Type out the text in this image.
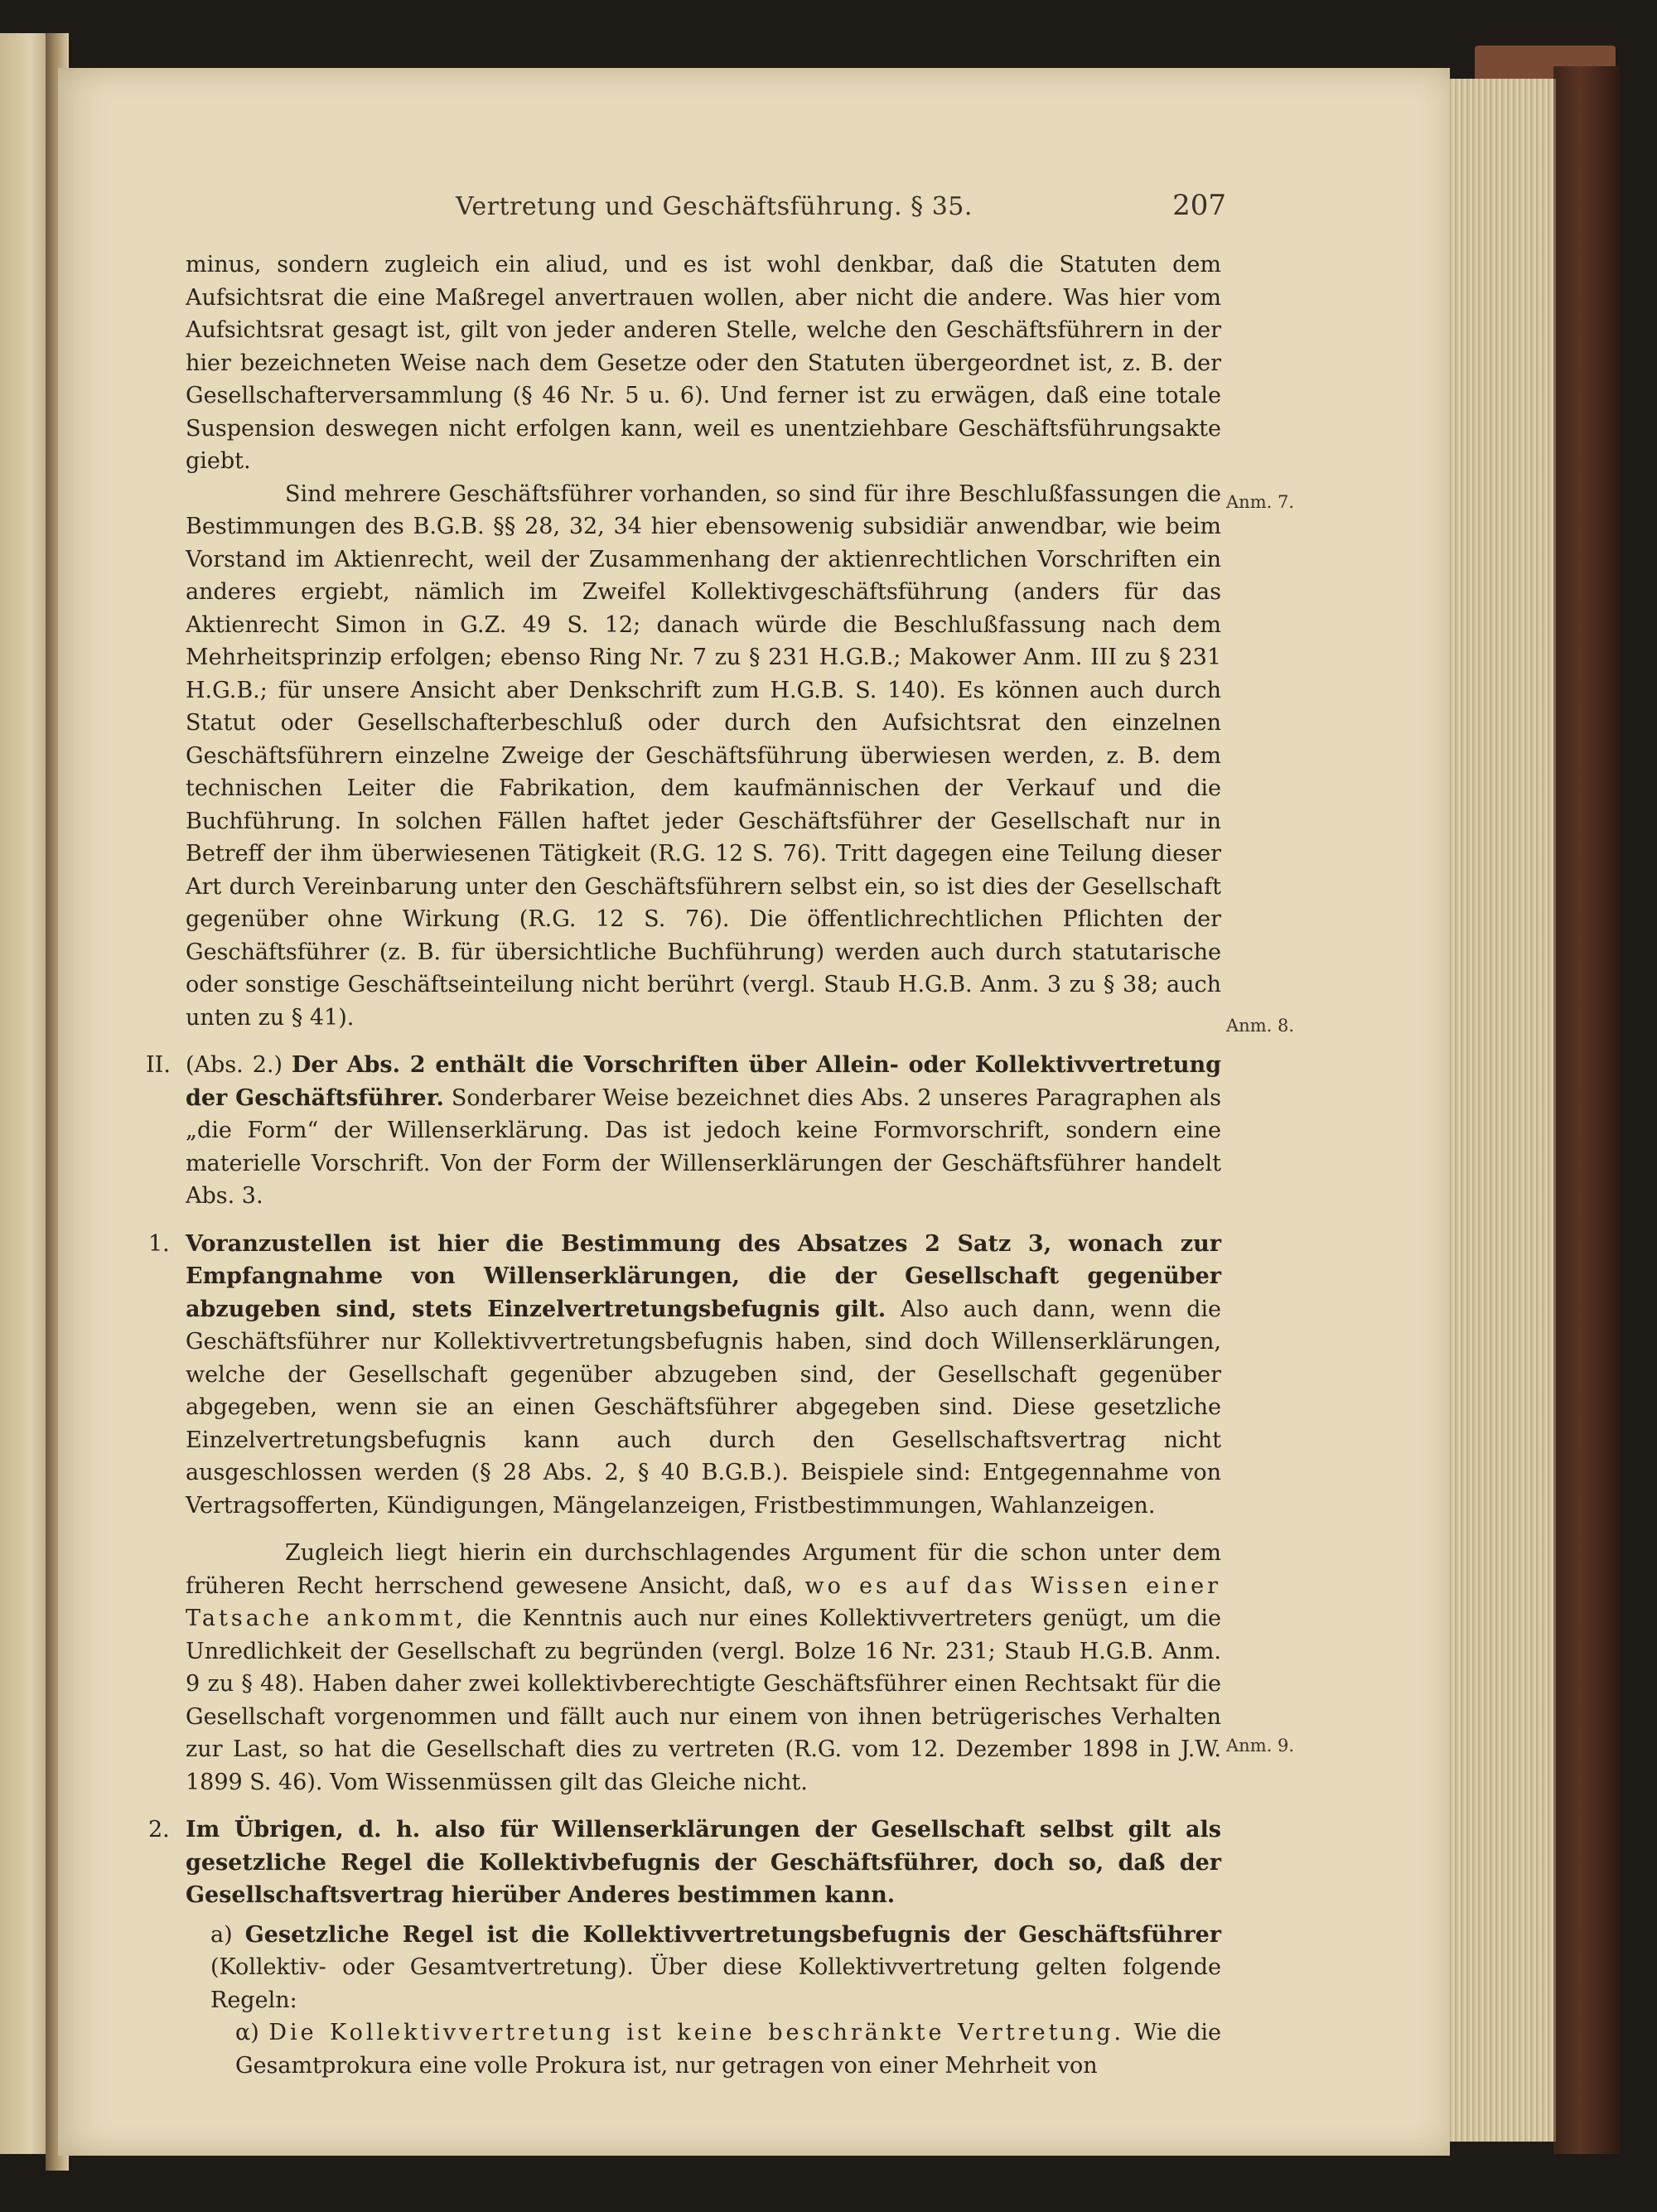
Vertretung und Geschäftsführung. § 35.	207
Anm. 7.
Anm. 8.
Anm. 9.

minus, sondern zugleich ein aliud, und es ist wohl denkbar, daß die Statuten dem Aufsichtsrat die eine Maßregel anvertrauen wollen, aber nicht die andere. Was hier vom Aufsichtsrat gesagt ist, gilt von jeder anderen Stelle, welche den Geschäftsführern in der hier bezeichneten Weise nach dem Gesetze oder den Statuten übergeordnet ist, z. B. der Gesellschafterversammlung (§ 46 Nr. 5 u. 6). Und ferner ist zu erwägen, daß eine totale Suspension deswegen nicht erfolgen kann, weil es unentziehbare Geschäftsführungsakte giebt.

Sind mehrere Geschäftsführer vorhanden, so sind für ihre Beschlußfassungen die Bestimmungen des B.G.B. §§ 28, 32, 34 hier ebensowenig subsidiär anwendbar, wie beim Vorstand im Aktienrecht, weil der Zusammenhang der aktienrechtlichen Vorschriften ein anderes ergiebt, nämlich im Zweifel Kollektivgeschäftsführung (anders für das Aktienrecht Simon in G.Z. 49 S. 12; danach würde die Beschlußfassung nach dem Mehrheitsprinzip erfolgen; ebenso Ring Nr. 7 zu § 231 H.G.B.; Makower Anm. III zu § 231 H.G.B.; für unsere Ansicht aber Denkschrift zum H.G.B. S. 140). Es können auch durch Statut oder Gesellschafterbeschluß oder durch den Aufsichtsrat den einzelnen Geschäftsführern einzelne Zweige der Geschäftsführung überwiesen werden, z. B. dem technischen Leiter die Fabrikation, dem kaufmännischen der Verkauf und die Buchführung. In solchen Fällen haftet jeder Geschäftsführer der Gesellschaft nur in Betreff der ihm überwiesenen Tätigkeit (R.G. 12 S. 76). Tritt dagegen eine Teilung dieser Art durch Vereinbarung unter den Geschäftsführern selbst ein, so ist dies der Gesellschaft gegenüber ohne Wirkung (R.G. 12 S. 76). Die öffentlichrechtlichen Pflichten der Geschäftsführer (z. B. für übersichtliche Buchführung) werden auch durch statutarische oder sonstige Geschäftseinteilung nicht berührt (vergl. Staub H.G.B. Anm. 3 zu § 38; auch unten zu § 41).

II. (Abs. 2.) Der Abs. 2 enthält die Vorschriften über Allein- oder Kollektivvertretung der Geschäftsführer. Sonderbarer Weise bezeichnet dies Abs. 2 unseres Paragraphen als „die Form“ der Willenserklärung. Das ist jedoch keine Formvorschrift, sondern eine materielle Vorschrift. Von der Form der Willenserklärungen der Geschäftsführer handelt Abs. 3.

1. Voranzustellen ist hier die Bestimmung des Absatzes 2 Satz 3, wonach zur Empfangnahme von Willenserklärungen, die der Gesellschaft gegenüber abzugeben sind, stets Einzelvertretungsbefugnis gilt. Also auch dann, wenn die Geschäftsführer nur Kollektivvertretungsbefugnis haben, sind doch Willenserklärungen, welche der Gesellschaft gegenüber abzugeben sind, der Gesellschaft gegenüber abgegeben, wenn sie an einen Geschäftsführer abgegeben sind. Diese gesetzliche Einzelvertretungsbefugnis kann auch durch den Gesellschaftsvertrag nicht ausgeschlossen werden (§ 28 Abs. 2, § 40 B.G.B.). Beispiele sind: Entgegennahme von Vertragsofferten, Kündigungen, Mängelanzeigen, Fristbestimmungen, Wahlanzeigen.

Zugleich liegt hierin ein durchschlagendes Argument für die schon unter dem früheren Recht herrschend gewesene Ansicht, daß, wo es auf das Wissen einer Tatsache ankommt, die Kenntnis auch nur eines Kollektivvertreters genügt, um die Unredlichkeit der Gesellschaft zu begründen (vergl. Bolze 16 Nr. 231; Staub H.G.B. Anm. 9 zu § 48). Haben daher zwei kollektivberechtigte Geschäftsführer einen Rechtsakt für die Gesellschaft vorgenommen und fällt auch nur einem von ihnen betrügerisches Verhalten zur Last, so hat die Gesellschaft dies zu vertreten (R.G. vom 12. Dezember 1898 in J.W. 1899 S. 46). Vom Wissenmüssen gilt das Gleiche nicht.

2. Im Übrigen, d. h. also für Willenserklärungen der Gesellschaft selbst gilt als gesetzliche Regel die Kollektivbefugnis der Geschäftsführer, doch so, daß der Gesellschaftsvertrag hierüber Anderes bestimmen kann.

a) Gesetzliche Regel ist die Kollektivvertretungsbefugnis der Geschäftsführer (Kollektiv- oder Gesamtvertretung). Über diese Kollektivvertretung gelten folgende Regeln:

α) Die Kollektivvertretung ist keine beschränkte Vertretung. Wie die Gesamtprokura eine volle Prokura ist, nur getragen von einer Mehrheit von
